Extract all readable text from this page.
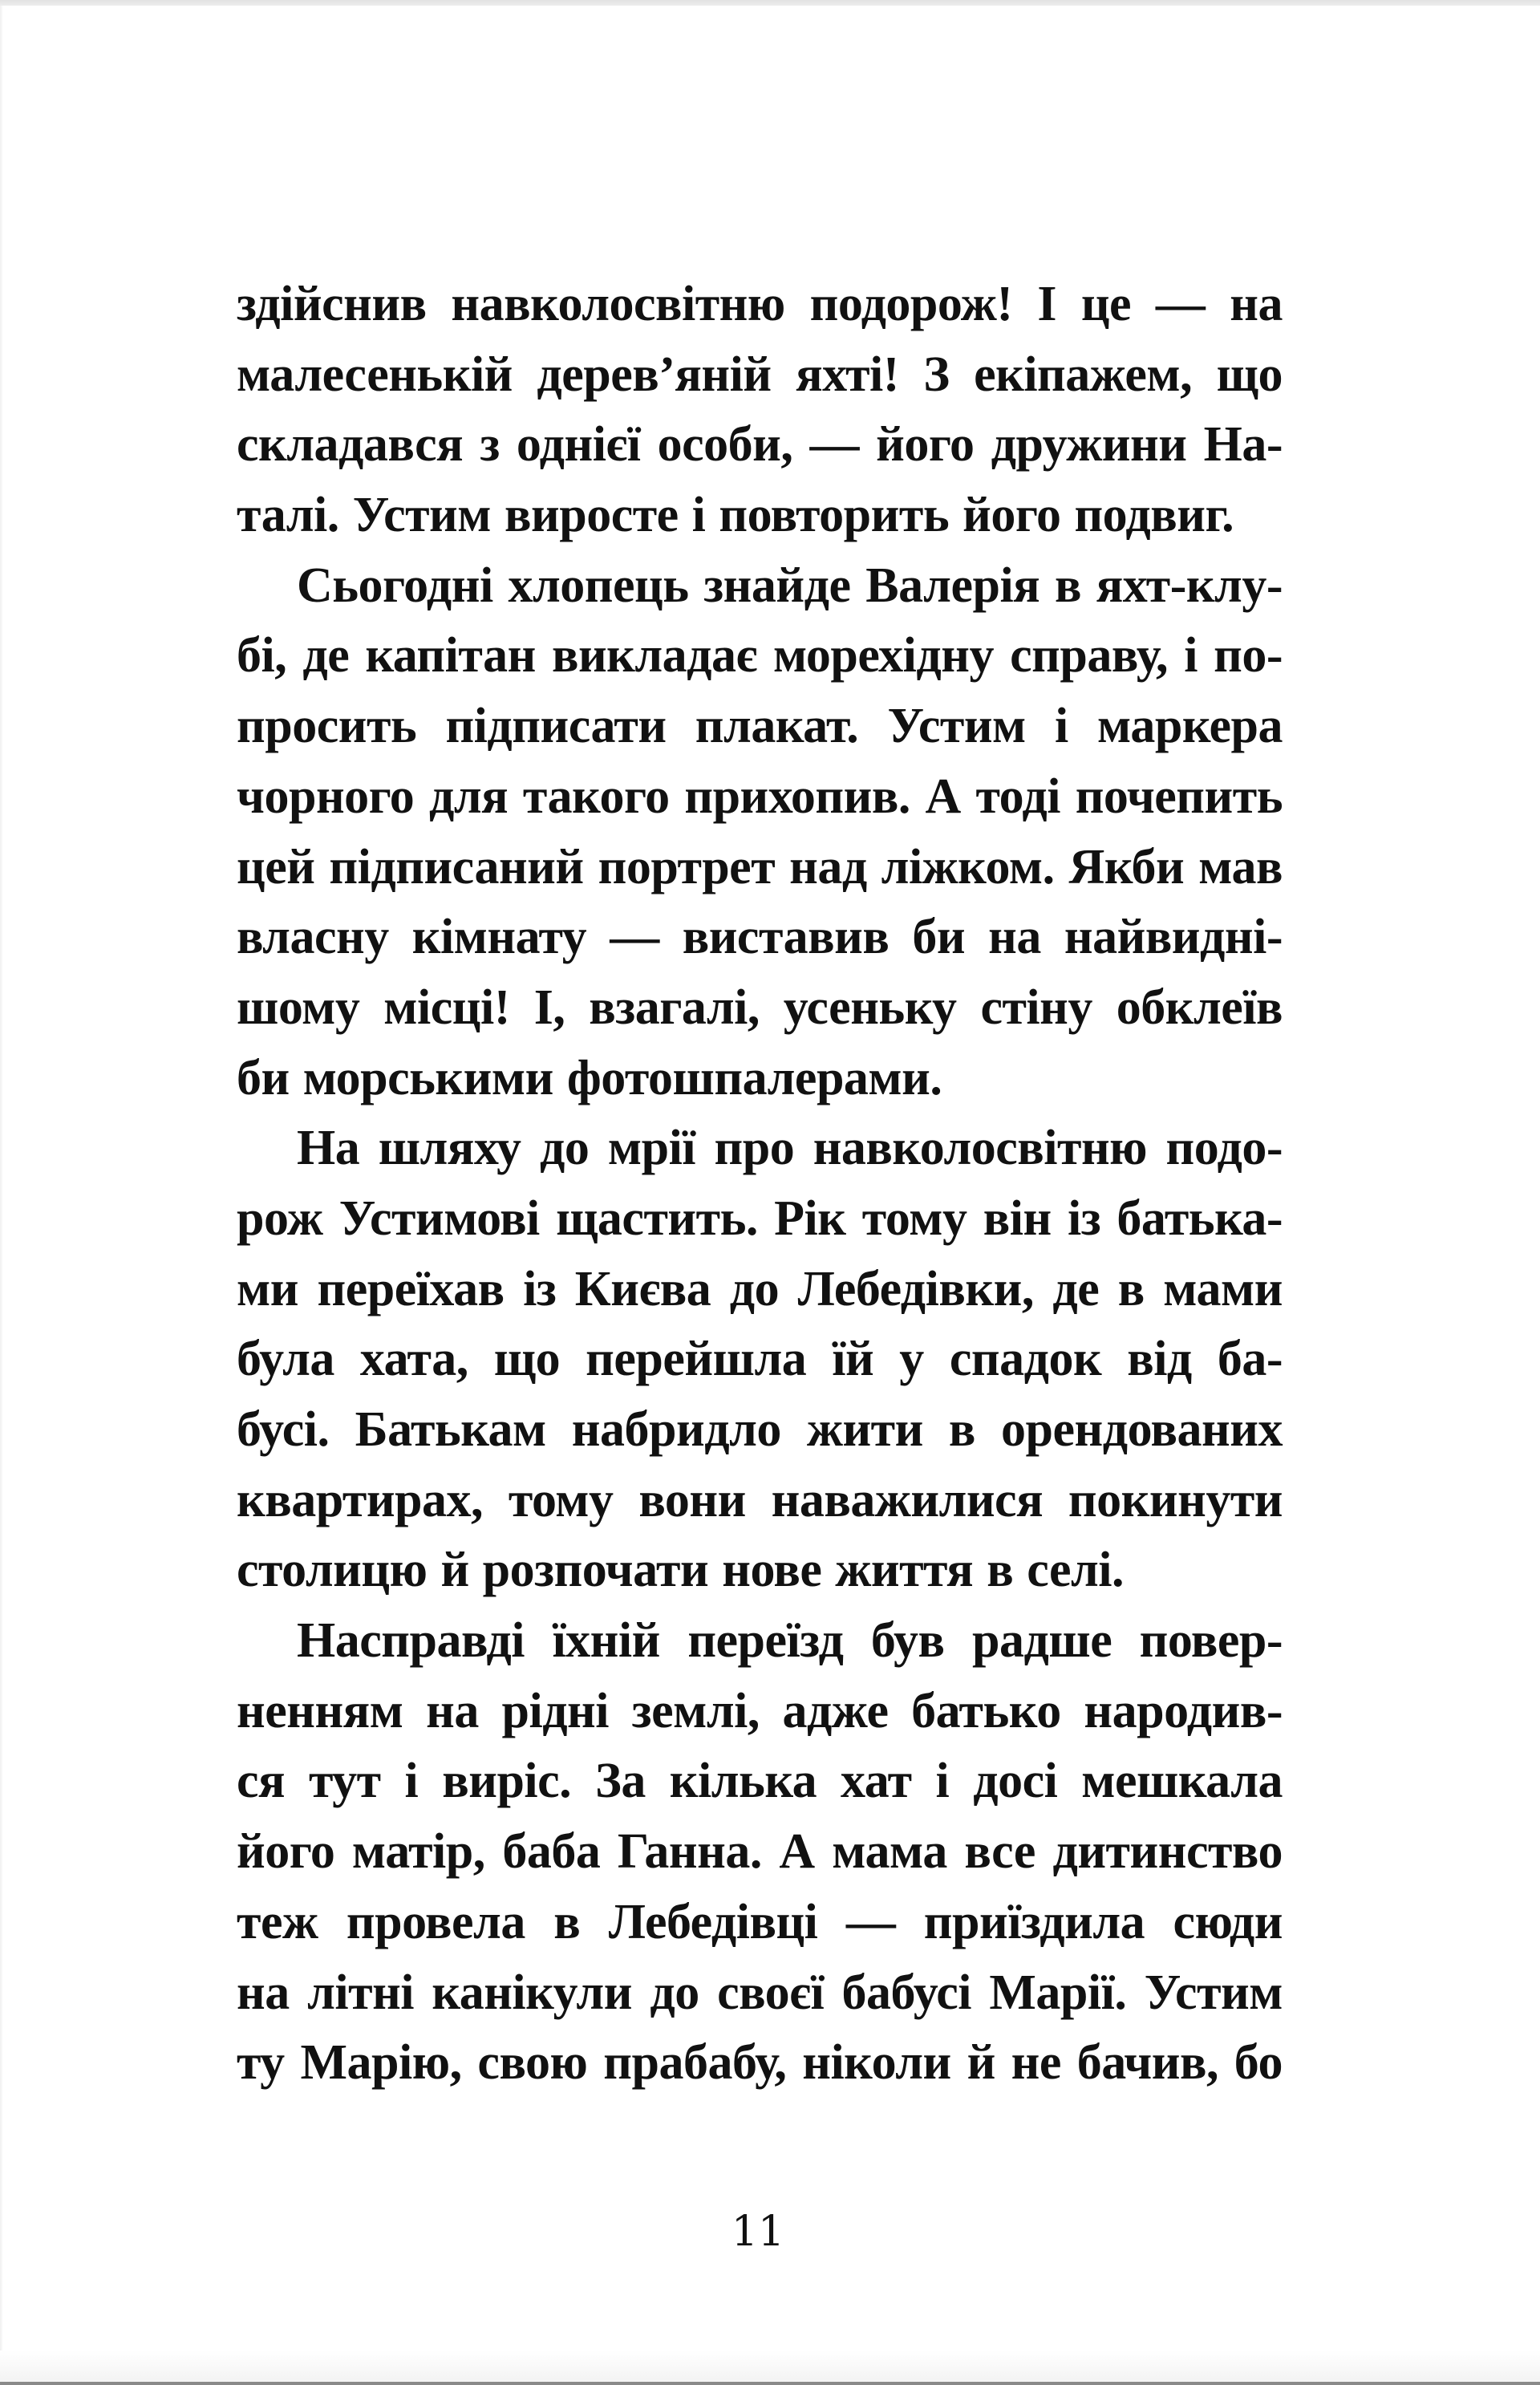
здійснив навколосвітню подорож! І це — на
малесенькій дерев’яній яхті! З екіпажем, що
складався з однієї особи, — його дружини На-
талі. Устим виросте і повторить його подвиг.
Сьогодні хлопець знайде Валерія в яхт-клу-
бі, де капітан викладає морехідну справу, і по-
просить підписати плакат. Устим і маркера
чорного для такого прихопив. А тоді почепить
цей підписаний портрет над ліжком. Якби мав
власну кімнату — виставив би на найвидні-
шому місці! І, взагалі, усеньку стіну обклеїв
би морськими фотошпалерами.
На шляху до мрії про навколосвітню подо-
рож Устимові щастить. Рік тому він із батька-
ми переїхав із Києва до Лебедівки, де в мами
була хата, що перейшла їй у спадок від ба-
бусі. Батькам набридло жити в орендованих
квартирах, тому вони наважилися покинути
столицю й розпочати нове життя в селі.
Насправді їхній переїзд був радше повер-
ненням на рідні землі, адже батько народив-
ся тут і виріс. За кілька хат і досі мешкала
його матір, баба Ганна. А мама все дитинство
теж провела в Лебедівці — приїздила сюди
на літні канікули до своєї бабусі Марії. Устим
ту Марію, свою прабабу, ніколи й не бачив, бо
11
